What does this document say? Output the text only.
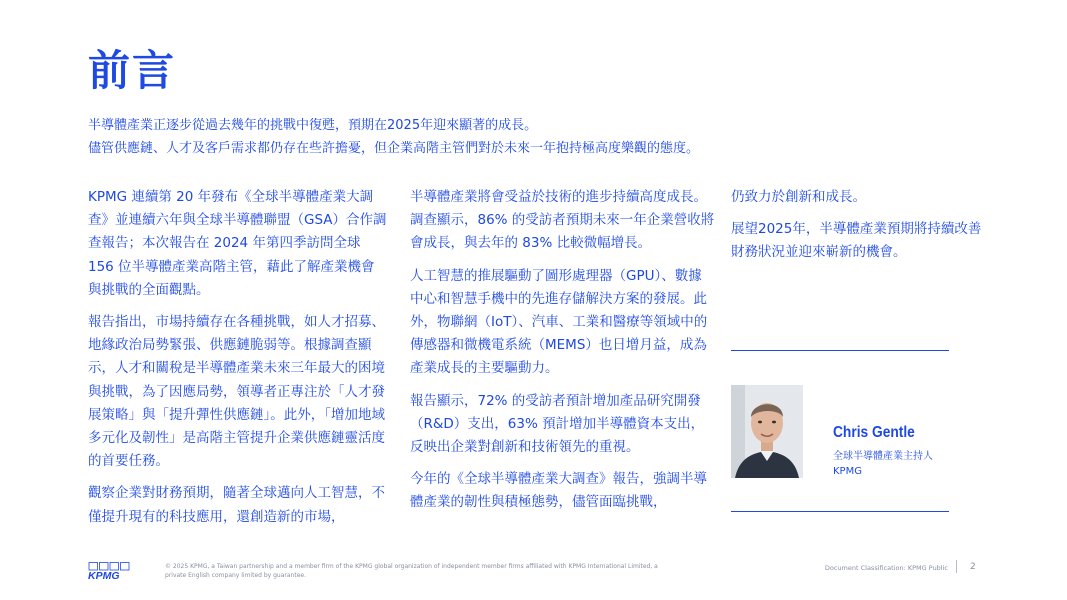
前言
半導體產業正逐步從過去幾年的挑戰中復甦，預期在2025年迎來顯著的成長。
儘管供應鏈、人才及客戶需求都仍存在些許擔憂，但企業高階主管們對於未來一年抱持極高度樂觀的態度。

KPMG 連續第 20 年發布《全球半導體產業大調查》並連續六年與全球半導體聯盟（GSA）合作調查報告；本次報告在 2024 年第四季訪問全球 156 位半導體產業高階主管，藉此了解產業機會與挑戰的全面觀點。

報告指出，市場持續存在各種挑戰，如人才招募、地緣政治局勢緊張、供應鏈脆弱等。根據調查顯示，人才和關稅是半導體產業未來三年最大的困境與挑戰，為了因應局勢，領導者正專注於「人才發展策略」與「提升彈性供應鏈」。此外，「增加地域多元化及韌性」是高階主管提升企業供應鏈靈活度的首要任務。

觀察企業對財務預期，隨著全球邁向人工智慧，不僅提升現有的科技應用，還創造新的市場，

半導體產業將會受益於技術的進步持續高度成長。調查顯示，86% 的受訪者預期未來一年企業營收將會成長，與去年的 83% 比較微幅增長。

人工智慧的推展驅動了圖形處理器（GPU）、數據中心和智慧手機中的先進存儲解決方案的發展。此外，物聯網（IoT）、汽車、工業和醫療等領域中的傳感器和微機電系統（MEMS）也日增月益，成為產業成長的主要驅動力。

報告顯示，72% 的受訪者預計增加產品研究開發（R&D）支出，63% 預計增加半導體資本支出，反映出企業對創新和技術領先的重視。

今年的《全球半導體產業大調查》報告，強調半導體產業的韌性與積極態勢，儘管面臨挑戰，

仍致力於創新和成長。

展望2025年，半導體產業預期將持續改善財務狀況並迎來嶄新的機會。

Chris Gentle
全球半導體產業主持人
KPMG
KPMG
© 2025 KPMG, a Taiwan partnership and a member firm of the KPMG global organization of independent member firms affiliated with KPMG International Limited, a private English company limited by guarantee.
Document Classification: KPMG Public 2
